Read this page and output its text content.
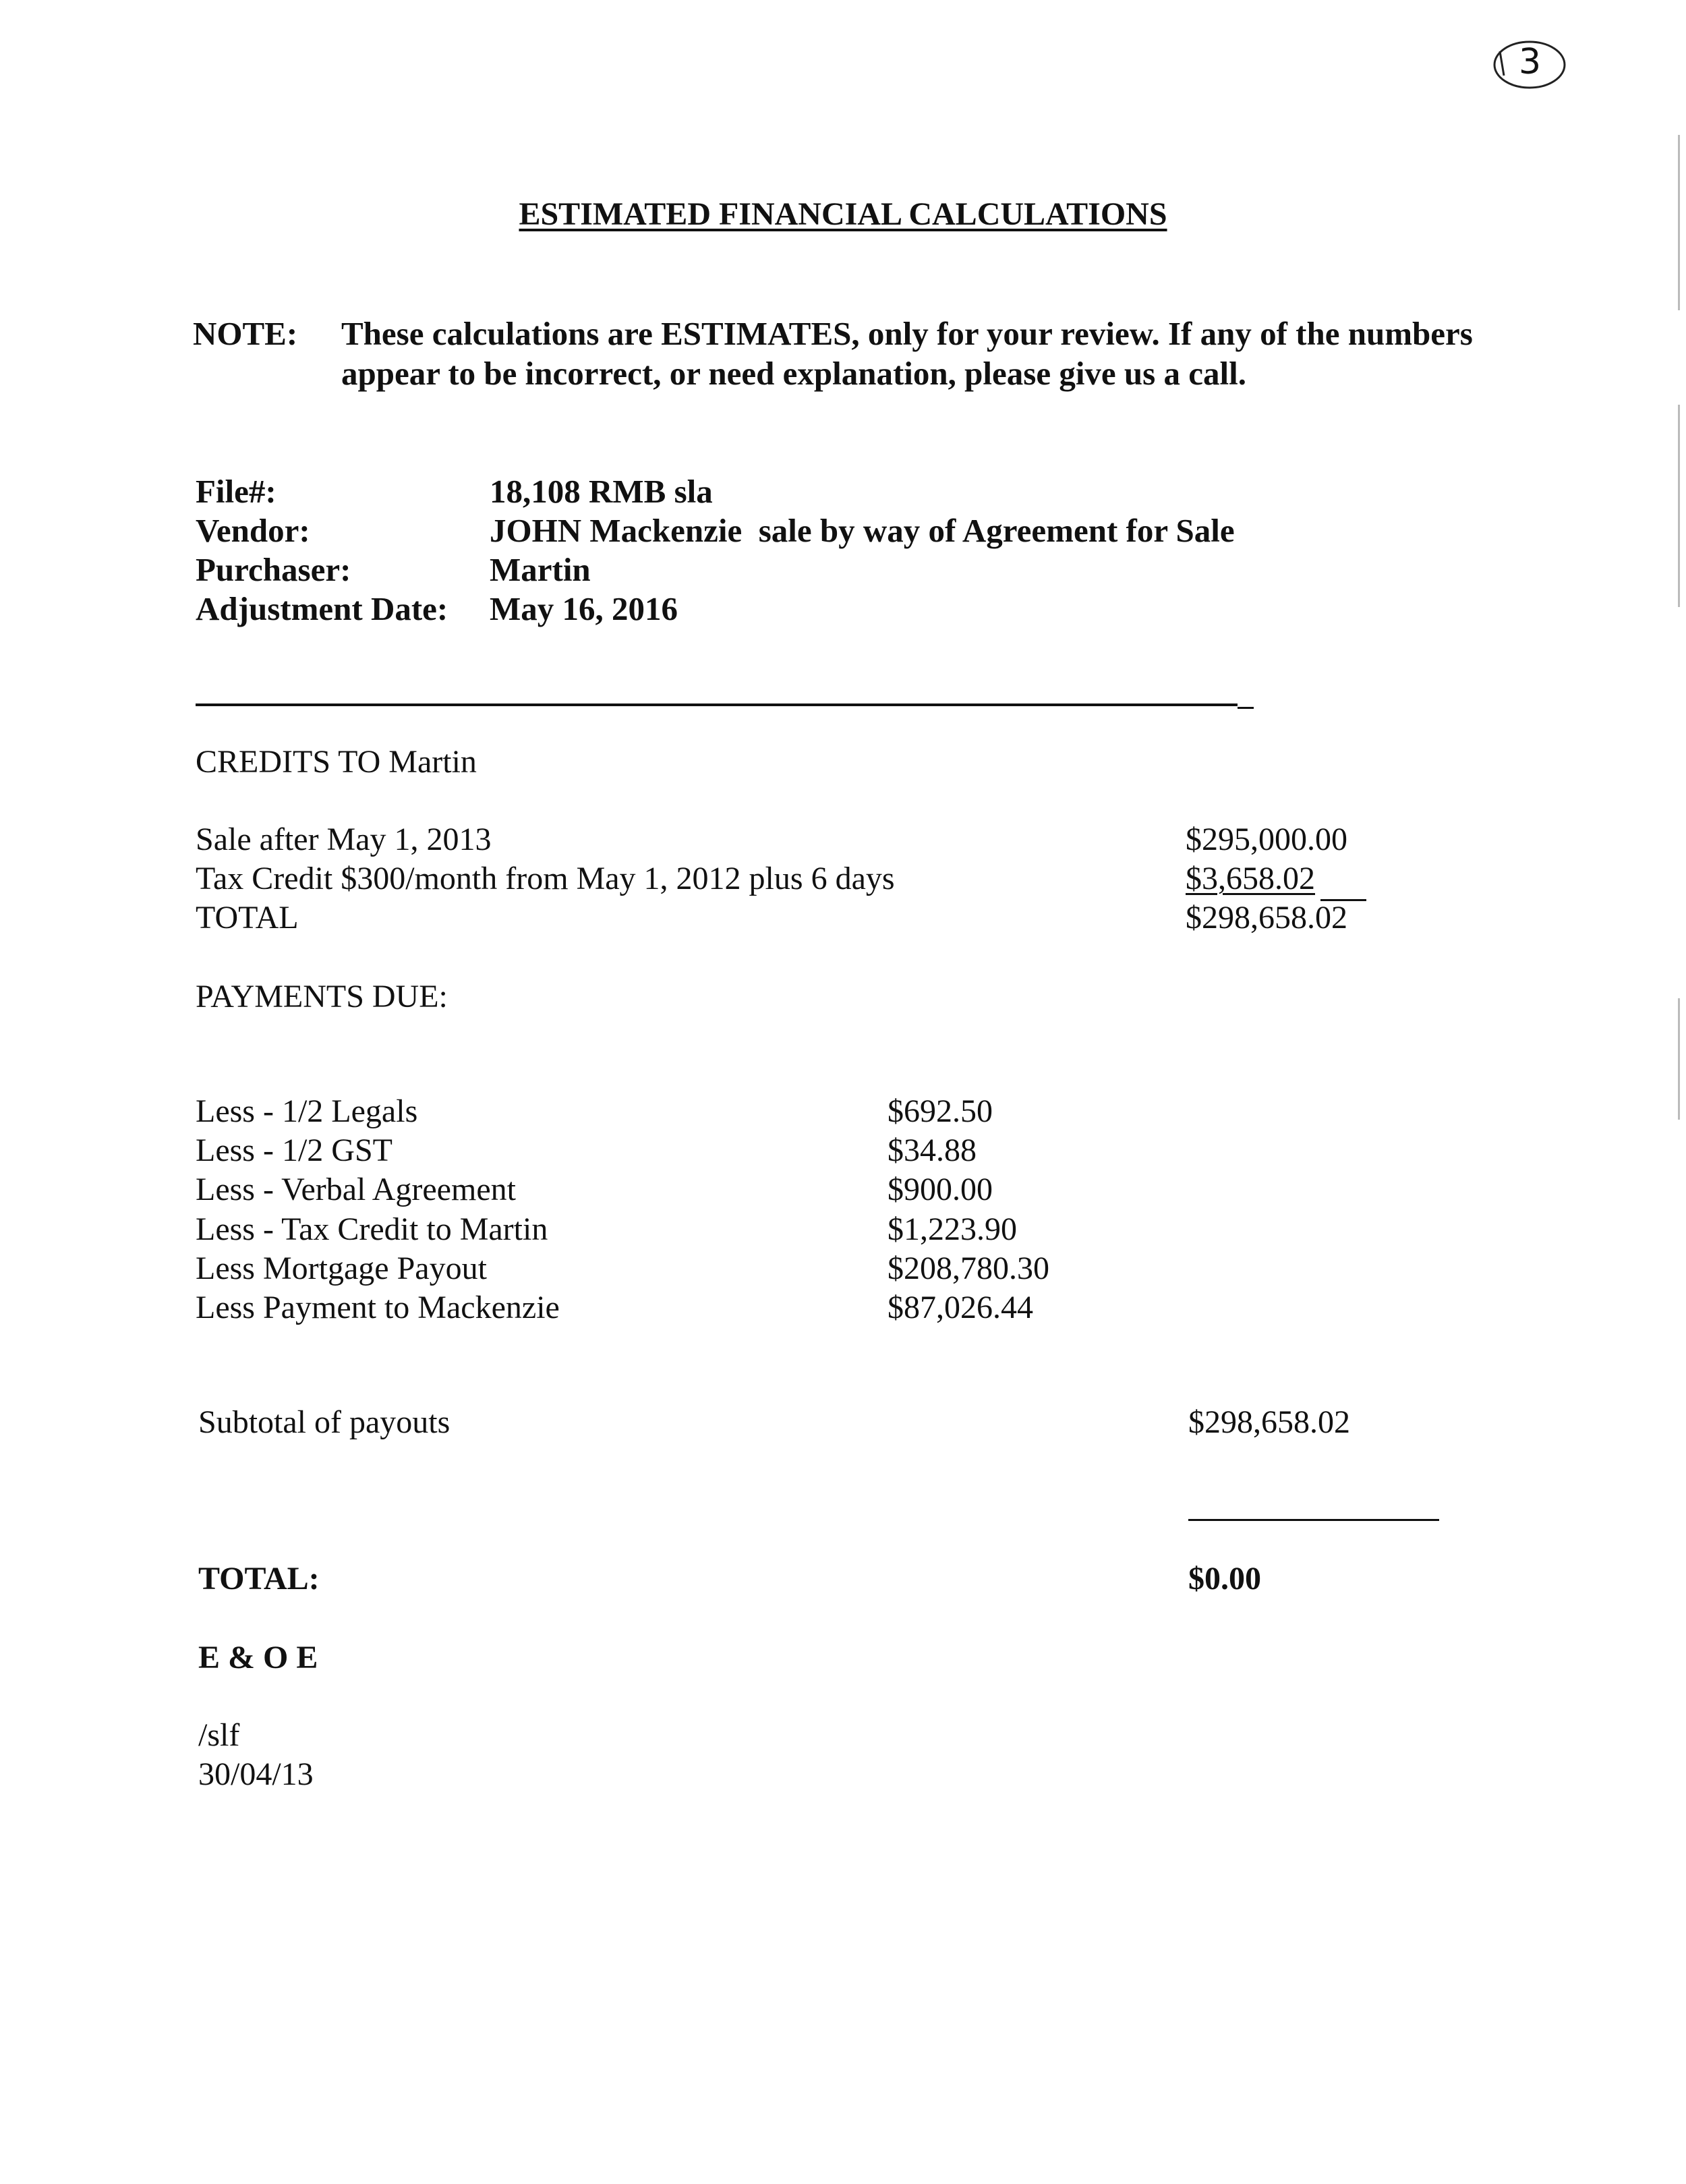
3
ESTIMATED FINANCIAL CALCULATIONS
NOTE: These calculations are ESTIMATES, only for your review. If any of the numbers
appear to be incorrect, or need explanation, please give us a call.
File#:	18,108 RMB sla
Vendor:	JOHN Mackenzie  sale by way of Agreement for Sale
Purchaser:	Martin
Adjustment Date: May 16, 2016
CREDITS TO Martin
Sale after May 1, 2013	$295,000.00
Tax Credit $300/month from May 1, 2012 plus 6 days	$3,658.02
TOTAL	$298,658.02
PAYMENTS DUE:
Less - 1/2 Legals	$692.50
Less - 1/2 GST	$34.88
Less - Verbal Agreement	$900.00
Less - Tax Credit to Martin	$1,223.90
Less Mortgage Payout	$208,780.30
Less Payment to Mackenzie	$87,026.44
Subtotal of payouts	$298,658.02
TOTAL:	$0.00
E & O E
/slf
30/04/13
